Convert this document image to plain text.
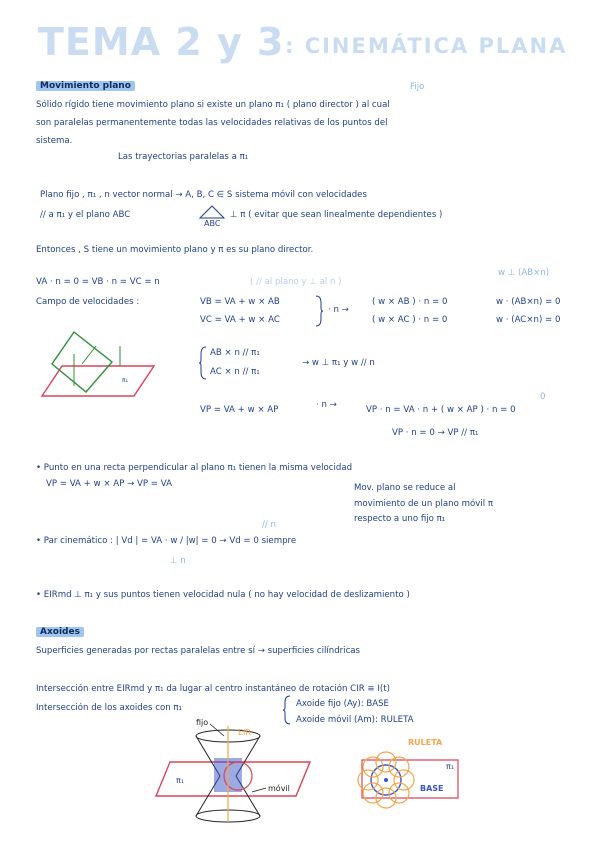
TEMA 2 y 3 : CINEMÁTICA PLANA
Movimiento plano	Fijo
Sólido rígido tiene movimiento plano si existe un plano π₁ ( plano director ) al cual
son paralelas permanentemente todas las velocidades relativas de los puntos del
sistema.
Las trayectorias paralelas a π₁
Plano fijo , π₁ , n vector normal → A, B, C ∈ S sistema móvil con velocidades
// a π₁ y el plano ABC
ABC
⊥ π ( evitar que sean linealmente dependientes )
Entonces , S tiene un movimiento plano y π es su plano director.
w ⊥ (AB×n)
VA · n = 0 = VB · n = VC = n	( // al plano y ⊥ al n )
Campo de velocidades :	VB = VA + w × AB
VC = VA + w × AC
· n →
( w × AB ) · n = 0
( w × AC ) · n = 0
w · (AB×n) = 0
w · (AC×n) = 0
π₁
AB × n // π₁
AC × n // π₁
→ w ⊥ π₁ y w // n
VP = VA + w × AP	· n →	VP · n = VA · n + ( w × AP ) · n = 0
0
VP · n = 0 → VP // π₁
• Punto en una recta perpendicular al plano π₁ tienen la misma velocidad
VP = VA + w × AP → VP = VA	Mov. plano se reduce al
movimiento de un plano móvil π
respecto a uno fijo π₁
// n
• Par cinemático : | Vd | = VA · w / |w| = 0 → Vd = 0 siempre
⊥ n
• EIRmd ⊥ π₁ y sus puntos tienen velocidad nula ( no hay velocidad de deslizamiento )
Axoides
Superficies generadas por rectas paralelas entre sí → superficies cilíndricas
Intersección entre EIRmd y π₁ da lugar al centro instantáneo de rotación CIR ≡ I(t)
Intersección de los axoides con π₁	Axoide fijo (Ay): BASE
Axoide móvil (Am): RULETA
fijo
EIR
π₁
móvil
RULETA
π₁
BASE
